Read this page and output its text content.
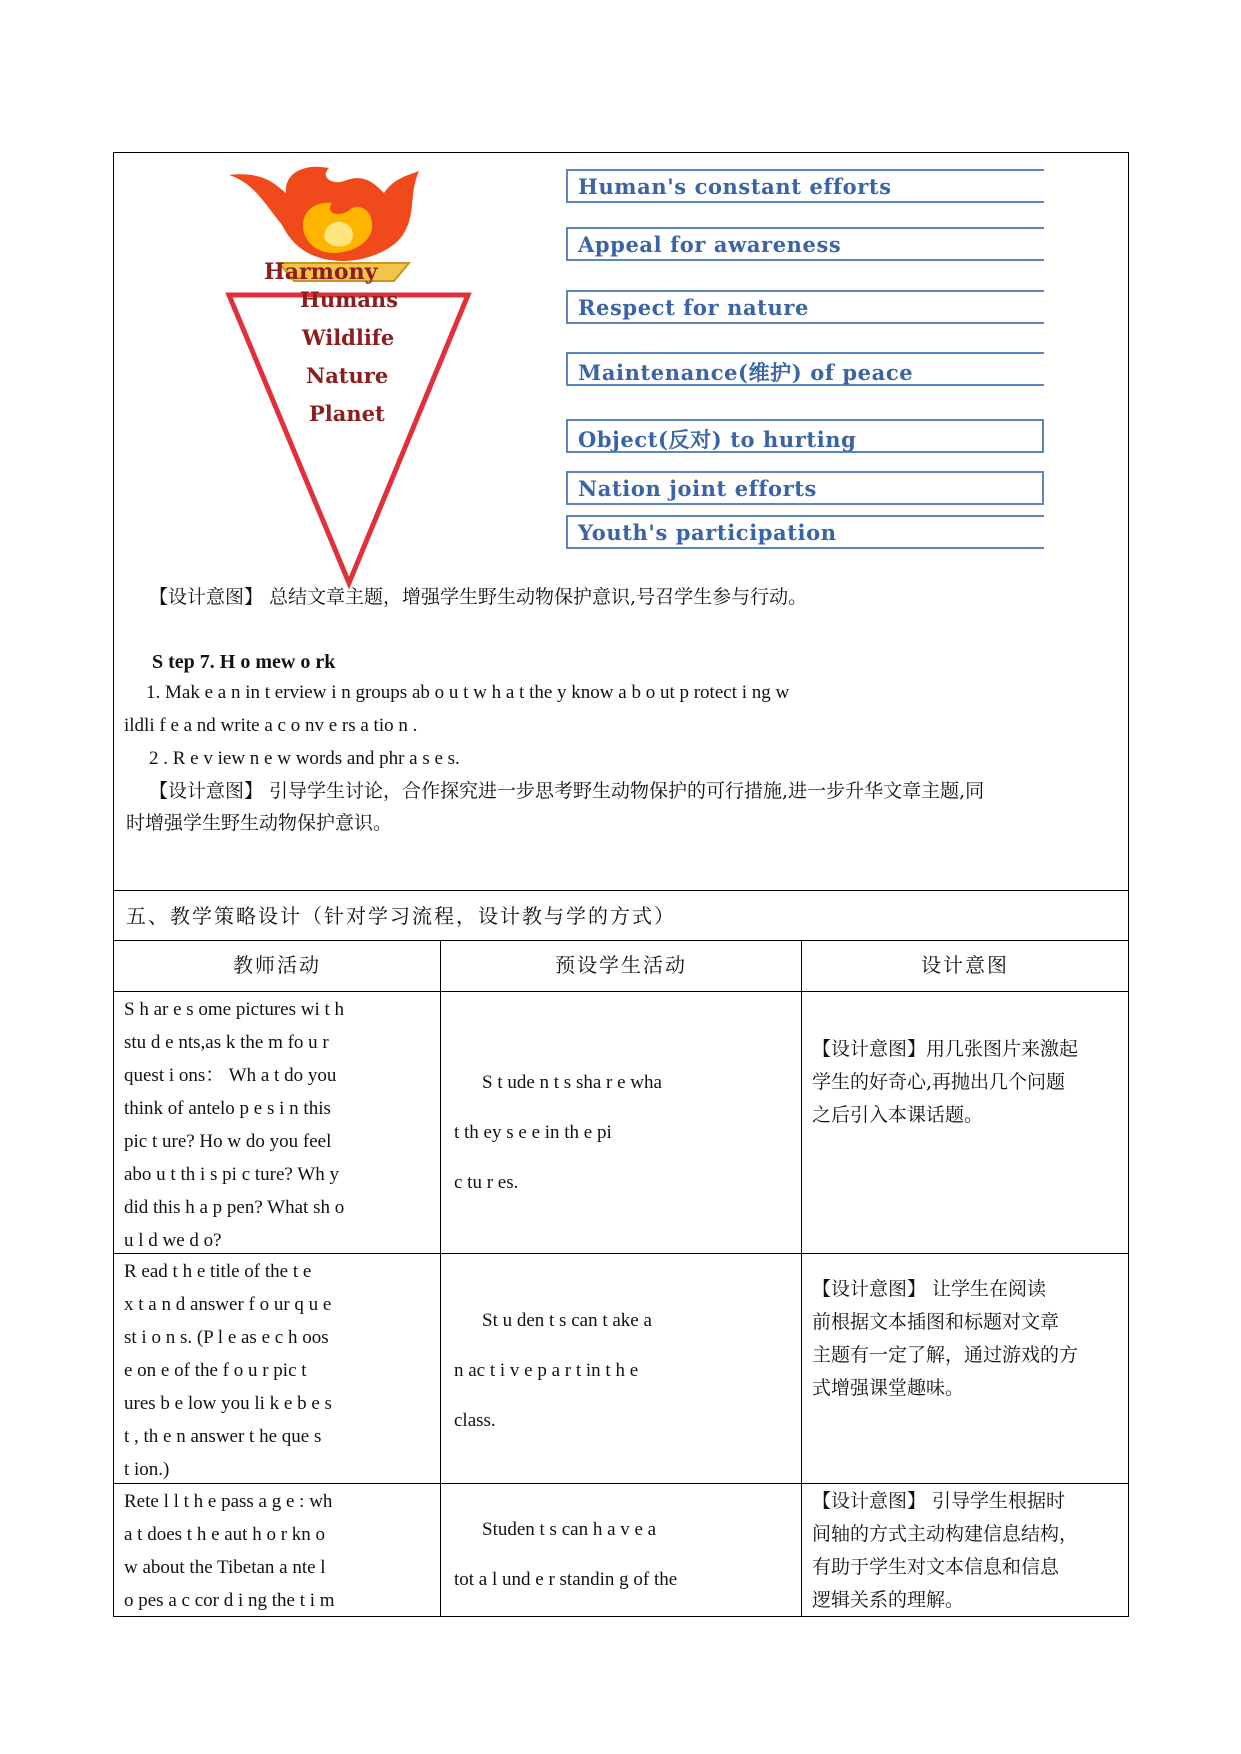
Harmony
Humans
Wildlife
Nature
Planet
Human's constant efforts
Appeal for awareness
Respect for nature
Maintenance(维护) of peace
Object(反对) to hurting
Nation joint efforts
Youth's participation
【设计意图】 总结文章主题，增强学生野生动物保护意识,号召学生参与行动。
S tep 7. H o mew o rk
1. Mak e a n in t erview i n groups ab o u t w h a t the y know a b o ut p rotect i ng w
ildli f e a nd write a c o nv e rs a tio n .
2 . R e v iew n e w words and phr a s e s.
【设计意图】 引导学生讨论，合作探究进一步思考野生动物保护的可行措施,进一步升华文章主题,同
时增强学生野生动物保护意识。
五、教学策略设计（针对学习流程，设计教与学的方式）
教师活动	预设学生活动	设计意图
S h ar e s ome pictures wi t h
stu d e nts,as k the m fo u r
quest i ons： Wh a t do you
think of antelo p e s i n this
pic t ure? Ho w do you feel
abo u t th i s pi c ture? Wh y
did this h a p pen? What sh o
u l d we d o?
S t ude n t s sha r e wha
t th ey s e e in th e pi
c tu r es.
【设计意图】用几张图片来激起
学生的好奇心,再抛出几个问题
之后引入本课话题。
R ead t h e title of the t e
x t a n d answer f o ur q u e
st i o n s. (P l e as e c h oos
e on e of the f o u r pic t
ures b e low you li k e b e s
t , th e n answer t he que s
t ion.)
St u den t s can t ake a
n ac t i v e p a r t in t h e
class.
【设计意图】 让学生在阅读
前根据文本插图和标题对文章
主题有一定了解，通过游戏的方
式增强课堂趣味。
Rete l l t h e pass a g e : wh
a t does t h e aut h o r kn o
w about the Tibetan a nte l
o pes a c cor d i ng the t i m
Studen t s can h a v e a
tot a l und e r standin g of the
【设计意图】 引导学生根据时
间轴的方式主动构建信息结构，
有助于学生对文本信息和信息
逻辑关系的理解。
